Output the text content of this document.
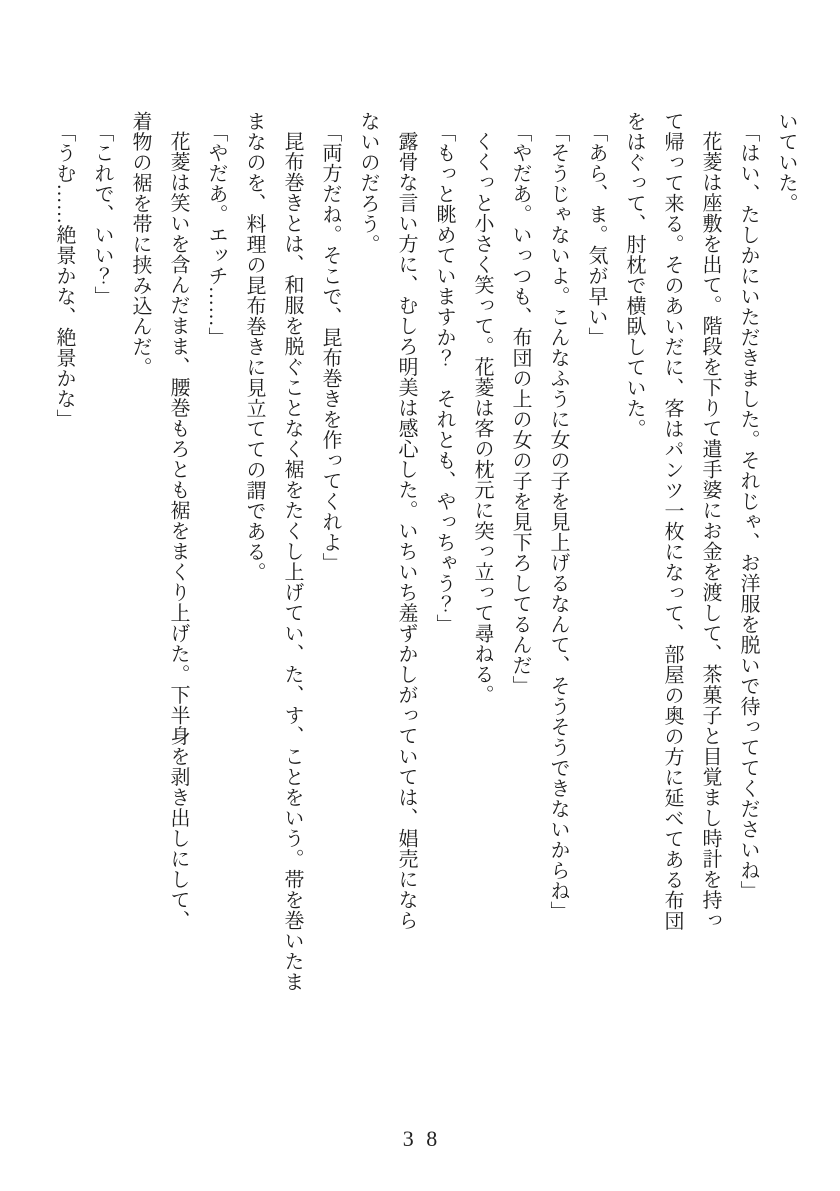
いていた。

「はい、たしかにいただきました。それじゃ、お洋服を脱いで待っててくださいね」

花菱は座敷を出て。階段を下りて遣手婆にお金を渡して、茶菓子と目覚まし時計を持っ

て帰って来る。そのあいだに、客はパンツ一枚になって、部屋の奥の方に延べてある布団

をはぐって、肘枕で横臥していた。

「あら、ま。気が早い」

「そうじゃないよ。こんなふうに女の子を見上げるなんて、そうそうできないからね」

「やだあ。いっつも、布団の上の女の子を見下ろしてるんだ」

くくっと小さく笑って。花菱は客の枕元に突っ立って尋ねる。

「もっと眺めていますか？　それとも、やっちゃう？」

露骨な言い方に、むしろ明美は感心した。いちいち羞ずかしがっていては、娼売になら

ないのだろう。

「両方だね。そこで、昆布巻きを作ってくれよ」

昆布巻きとは、和服を脱ぐことなく裾をたくし上げてい、た、す、ことをいう。帯を巻いたま

まなのを、料理の昆布巻きに見立てての謂である。

「やだあ。エッチ……」

花菱は笑いを含んだまま、腰巻もろとも裾をまくり上げた。下半身を剥き出しにして、

着物の裾を帯に挟み込んだ。

「これで、いい？」

「うむ……絶景かな、絶景かな」

3 8
